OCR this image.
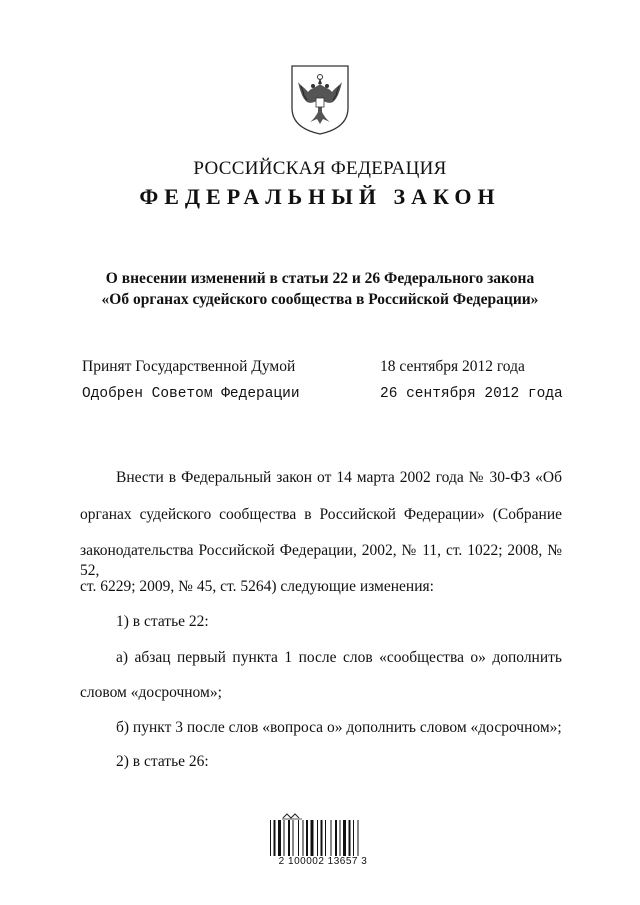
РОССИЙСКАЯ ФЕДЕРАЦИЯ
ФЕДЕРАЛЬНЫЙ ЗАКОН
О внесении изменений в статьи 22 и 26 Федерального закона
«Об органах судейского сообщества в Российской Федерации»
Принят Государственной Думой	18 сентября 2012 года
Одобрен Советом Федерации	26 сентября 2012 года
Внести в Федеральный закон от 14 марта 2002 года № 30-ФЗ «Об
органах судейского сообщества в Российской Федерации» (Собрание
законодательства Российской Федерации, 2002, № 11, ст. 1022; 2008, № 52,
ст. 6229; 2009, № 45, ст. 5264) следующие изменения:
1) в статье 22:
а) абзац первый пункта 1 после слов «сообщества о» дополнить
словом «досрочном»;
б) пункт 3 после слов «вопроса о» дополнить словом «досрочном»;
2) в статье 26:
2 100002 13657 3
